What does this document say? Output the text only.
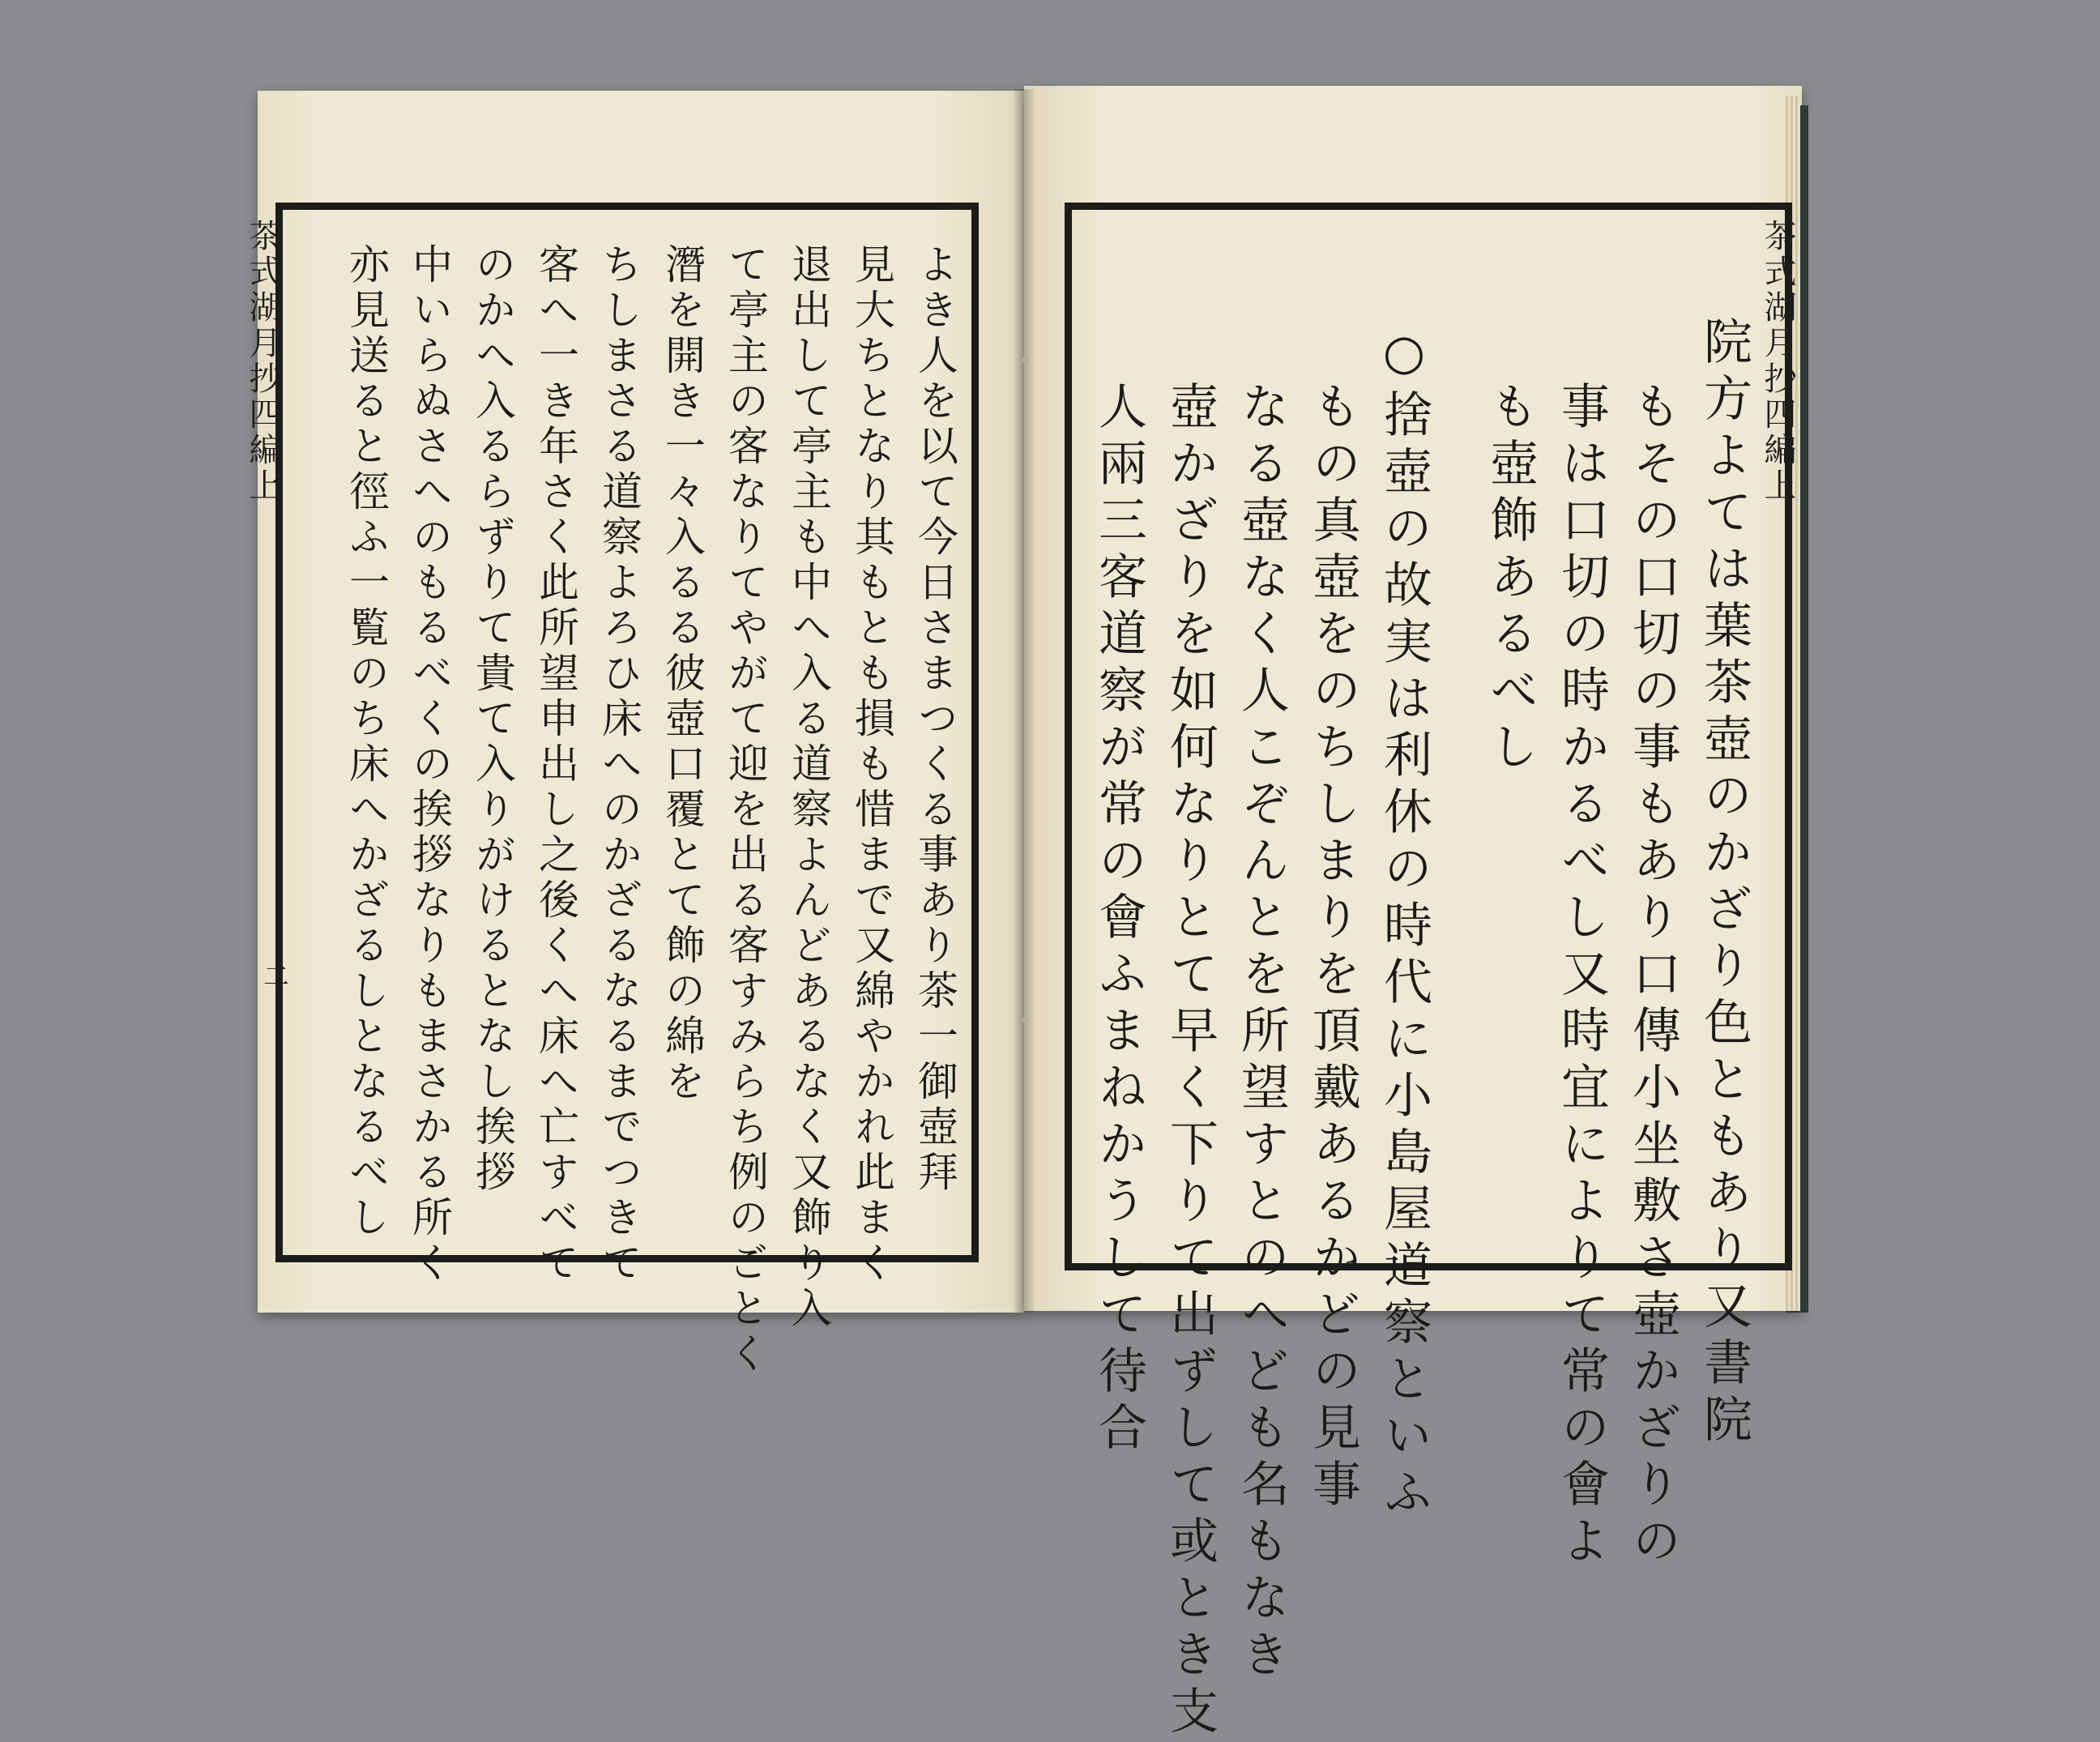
茶式湖月抄四編上
二
茶式湖月抄四編上
よき人を以て今日さまつくる事あり茶一御壺拜
見大ちとなり其もとも損も惜まで又綿やかれ此まく
退出して亭主も中へ入る道察よんどあるなく又飾り入
て亭主の客なりてやがて迎を出る客すみらち例のごとく
潛を開き一々入るる彼壺口覆とて飾の綿を
ちしまさる道察よろひ床へのかざるなるまでつきて
客へ一き年さく此所望申出し之後くへ床へ亡すべて
のかへ入るらずりて貴て入りがけるとなし挨拶
中いらぬさへのもるべくの挨拶なりもまさかる所く
亦見送ると徑ふ一覧のち床へかざるしとなるべし	院方よては葉茶壺のかざり色ともあり又書院
もその口切の事もあり口傳小坐敷さ壺かざりの
事は口切の時かるべし又時宜によりて常の會よ
も壺飾あるべし
○捨壺の故実は利休の時代に小島屋道察といふ
もの真壺をのちしまりを頂戴あるかどの見事
なる壺なく人こぞんとを所望すとのへども名もなき
壺かざりを如何なりとて早く下りて出ずして或とき支
人兩三客道察が常の會ふまねかうして待合
